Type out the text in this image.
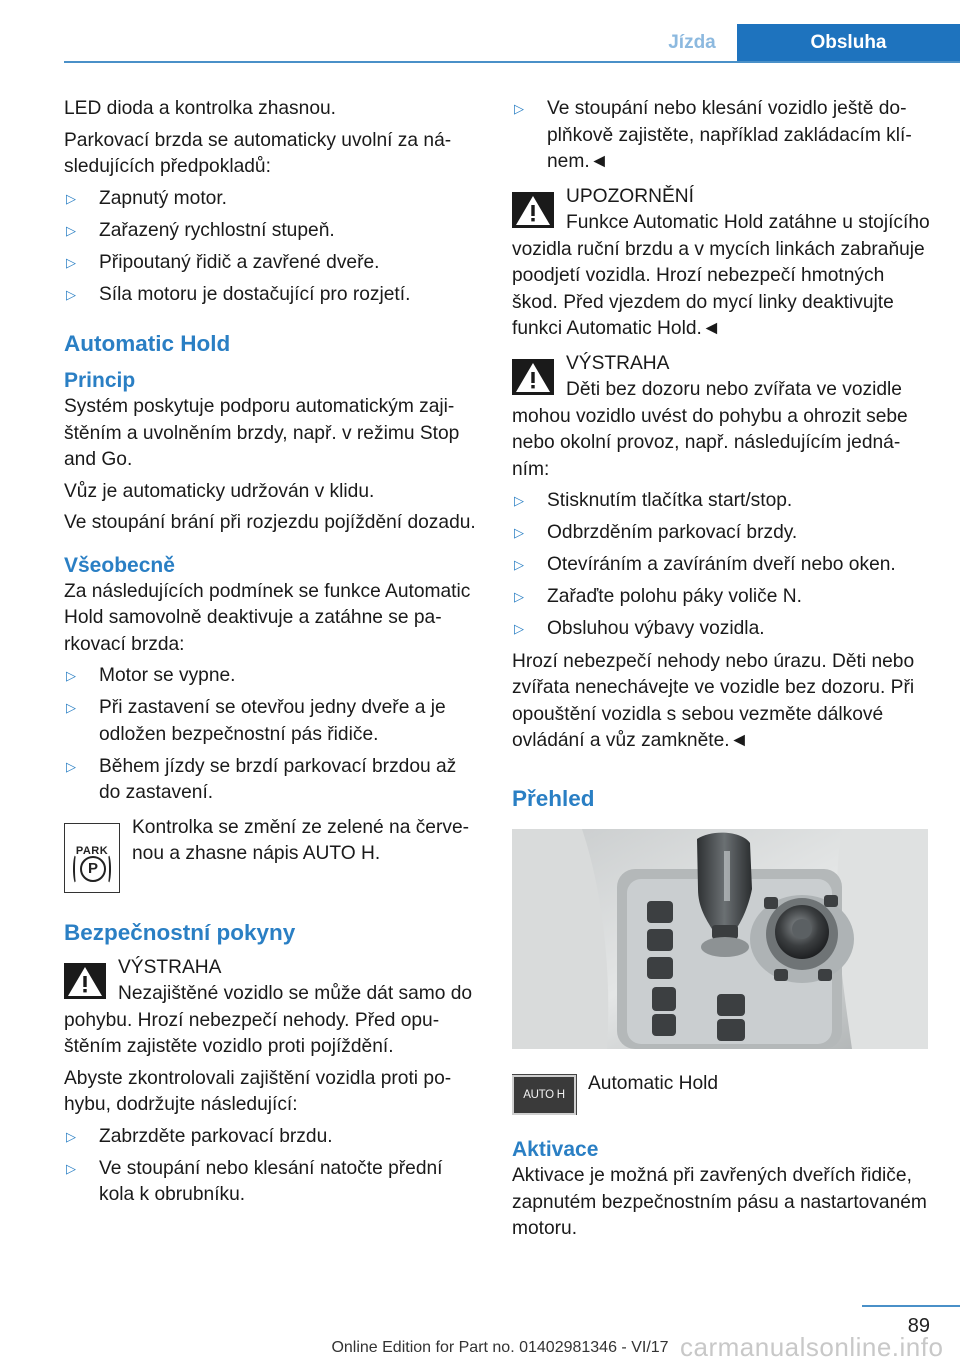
Jízda	Obsluha
LED dioda a kontrolka zhasnou.
Parkovací brzda se automaticky uvolní za následujících předpokladů:
▷ Zapnutý motor.
▷ Zařazený rychlostní stupeň.
▷ Připoutaný řidič a zavřené dveře.
▷ Síla motoru je dostačující pro rozjetí.
Automatic Hold
Princip
Systém poskytuje podporu automatickým zajištěním a uvolněním brzdy, např. v režimu Stop and Go.
Vůz je automaticky udržován v klidu.
Ve stoupání brání při rozjezdu pojíždění dozadu.
Všeobecně
Za následujících podmínek se funkce Automatic Hold samovolně deaktivuje a zatáhne se parkovací brzda:
▷ Motor se vypne.
▷ Při zastavení se otevřou jedny dveře a je odložen bezpečnostní pás řidiče.
▷ Během jízdy se brzdí parkovací brzdou až do zastavení.
PARK
P
Kontrolka se změní ze zelené na červenou a zhasne nápis AUTO H.
Bezpečnostní pokyny
VÝSTRAHA
Nezajištěné vozidlo se může dát samo do pohybu. Hrozí nebezpečí nehody. Před opuštěním zajistěte vozidlo proti pojíždění.
Abyste zkontrolovali zajištění vozidla proti pohybu, dodržujte následující:
▷ Zabrzděte parkovací brzdu.
▷ Ve stoupání nebo klesání natočte přední kola k obrubníku.
▷ Ve stoupání nebo klesání vozidlo ještě doplňkově zajistěte, například zakládacím klínem.◄
UPOZORNĚNÍ
Funkce Automatic Hold zatáhne u stojícího vozidla ruční brzdu a v mycích linkách zabraňuje poodjetí vozidla. Hrozí nebezpečí hmotných škod. Před vjezdem do mycí linky deaktivujte funkci Automatic Hold.◄
VÝSTRAHA
Děti bez dozoru nebo zvířata ve vozidle mohou vozidlo uvést do pohybu a ohrozit sebe nebo okolní provoz, např. následujícím jednáním:
▷ Stisknutím tlačítka start/stop.
▷ Odbrzděním parkovací brzdy.
▷ Otevíráním a zavíráním dveří nebo oken.
▷ Zařaďte polohu páky voliče N.
▷ Obsluhou výbavy vozidla.
Hrozí nebezpečí nehody nebo úrazu. Děti nebo zvířata nenechávejte ve vozidle bez dozoru. Při opouštění vozidla s sebou vezměte dálkové ovládání a vůz zamkněte.◄
Přehled
AUTO H
Automatic Hold
Aktivace
Aktivace je možná při zavřených dveřích řidiče, zapnutém bezpečnostním pásu a nastartovaném motoru.
89
carmanualsonline.info
Online Edition for Part no. 01402981346 - VI/17
